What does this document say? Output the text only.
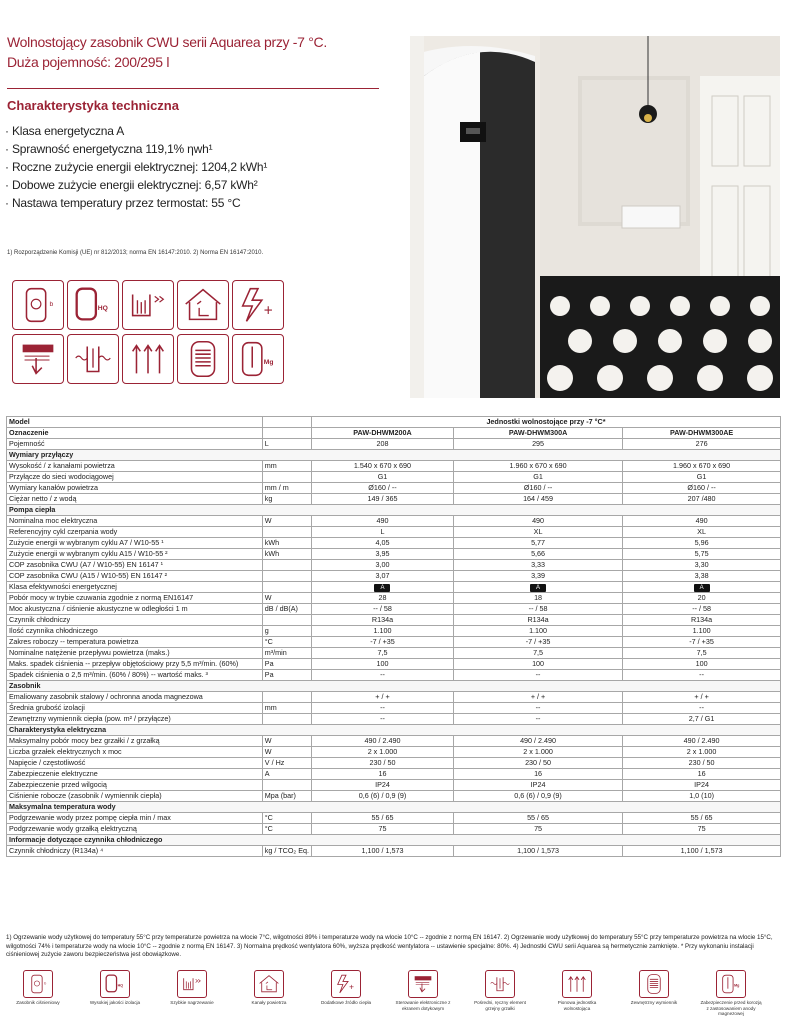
Wolnostojący zasobnik CWU serii Aquarea przy -7 °C.
Duża pojemność: 200/295 l
Charakterystyka techniczna
· Klasa energetyczna A
· Sprawność energetyczna 119,1% ηwh¹
· Roczne zużycie energii elektrycznej: 1204,2 kWh¹
· Dobowe zużycie energii elektrycznej: 6,57 kWh²
· Nastawa temperatury przez termostat: 55 °C
1) Rozporządzenie Komisji (UE) nr 812/2013; norma EN 16147:2010. 2) Norma EN 16147:2010.
b
HQ	+
Mg
Model		Jednostki wolnostojące przy -7 °C*		
Oznaczenie		PAW-DHWM200A	PAW-DHWM300A	PAW-DHWM300AE
Pojemność	L	208	295	276
Wymiary przyłączy				
Wysokość / z kanałami powietrza	mm	1.540 x 670 x 690	1.960 x 670 x 690	1.960 x 670 x 690
Przyłącze do sieci wodociągowej		G1	G1	G1
Wymiary kanałów powietrza	mm / m	Ø160 / --	Ø160 / --	Ø160 / --
Ciężar netto / z wodą	kg	149 / 365	164 / 459	207 /480
Pompa ciepła				
Nominalna moc elektryczna	W	490	490	490
Referencyjny cykl czerpania wody		L	XL	XL
Zużycie energii w wybranym cyklu A7 / W10-55 ¹	kWh	4,05	5,77	5,96
Zużycie energii w wybranym cyklu A15 / W10-55 ²	kWh	3,95	5,66	5,75
COP zasobnika CWU (A7 / W10-55) EN 16147 ¹		3,00	3,33	3,30
COP zasobnika CWU (A15 / W10-55) EN 16147 ²		3,07	3,39	3,38
Klasa efektywności energetycznej		A	A	A
Pobór mocy w trybie czuwania zgodnie z normą EN16147	W	28	18	20
Moc akustyczna / ciśnienie akustyczne w odległości 1 m	dB / dB(A)	-- / 58	-- / 58	-- / 58
Czynnik chłodniczy		R134a	R134a	R134a
Ilość czynnika chłodniczego	g	1.100	1.100	1.100
Zakres roboczy -- temperatura powietrza	°C	-7 / +35	-7 / +35	-7 / +35
Nominalne natężenie przepływu powietrza (maks.)	m³/min	7,5	7,5	7,5
Maks. spadek ciśnienia -- przepływ objętościowy przy 5,5 m³/min. (60%)	Pa	100	100	100
Spadek ciśnienia o 2,5 m³/min. (60% / 80%) -- wartość maks. ³	Pa	--	--	--
Zasobnik				
Emaliowany zasobnik stalowy / ochronna anoda magnezowa		+ / +	+ / +	+ / +
Średnia grubość izolacji	mm	--	--	--
Zewnętrzny wymiennik ciepła (pow. m² / przyłącze)		--	--	2,7 / G1
Charakterystyka elektryczna				
Maksymalny pobór mocy bez grzałki / z grzałką	W	490 / 2.490	490 / 2.490	490 / 2.490
Liczba grzałek elektrycznych x moc	W	2 x 1.000	2 x 1.000	2 x 1.000
Napięcie / częstotliwość	V / Hz	230 / 50	230 / 50	230 / 50
Zabezpieczenie elektryczne	A	16	16	16
Zabezpieczenie przed wilgocią		IP24	IP24	IP24
Ciśnienie robocze (zasobnik / wymiennik ciepła)	Mpa (bar)	0,6 (6) / 0,9 (9)	0,6 (6) / 0,9 (9)	1,0 (10)
Maksymalna temperatura wody				
Podgrzewanie wody przez pompę ciepła min / max	°C	55 / 65	55 / 65	55 / 65
Podgrzewanie wody grzałką elektryczną	°C	75	75	75
Informacje dotyczące czynnika chłodniczego				
Czynnik chłodniczy (R134a) ⁴	kg / TCO₂ Eq.	1,100 / 1,573	1,100 / 1,573	1,100 / 1,573
1) Ogrzewanie wody użytkowej do temperatury 55°C przy temperaturze powietrza na wlocie 7°C, wilgotności 89% i temperaturze wody na wlocie 10°C -- zgodnie z normą EN 16147. 2) Ogrzewanie wody użytkowej do temperatury 55°C przy temperaturze powietrza na wlocie 15°C, wilgotności 74% i temperaturze wody na wlocie 10°C -- zgodnie z normą EN 16147. 3) Normalna prędkość wentylatora 60%, wyższa prędkość wentylatora -- ustawienie specjalne: 80%. 4) Jednostki CWU serii Aquarea są hermetycznie zamknięte. * Przy wykonaniu instalacji ciśnieniowej zużycie zaworu bezpieczeństwa jest obowiązkowe.
b
Zasobnik ciśnieniowy
HQ
Wysokiej jakości izolacja	Szybkie nagrzewanie	Kanały powietrza
+
Dodatkowe źródło ciepła	Sterowanie elektroniczne z ekranem dotykowym
Pośredni, ręczny element grzejny grzałki
Pionowa jednostka wolnostojąca
Zewnętrzny wymiennik
Mg
Zabezpieczenie przed korozją z zastosowaniem anody magnezowej
